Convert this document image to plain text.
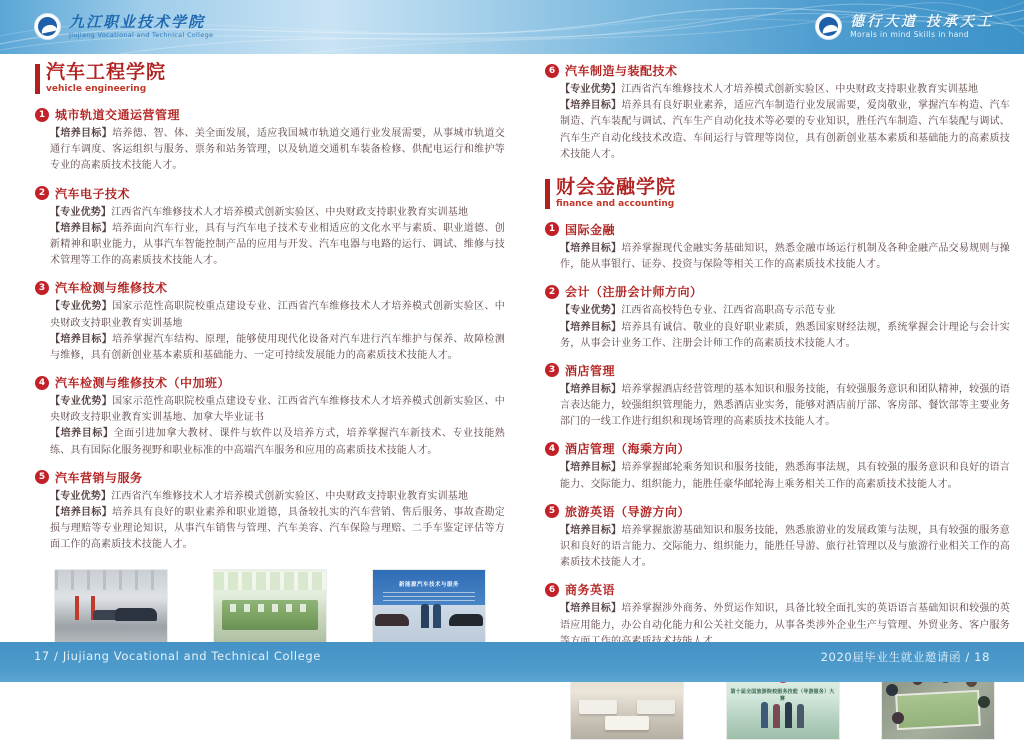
九江职业技术学院
Jiujiang Vocational and Technical College
德行大道 技承天工
Morals in mind Skills in hand
汽车工程学院
vehicle engineering
1 城市轨道交通运营管理

【培养目标】培养德、智、体、美全面发展，适应我国城市轨道交通行业发展需要，从事城市轨道交通行车调度、客运组织与服务、票务和站务管理，以及轨道交通机车装备检修、供配电运行和维护等专业的高素质技术技能人才。

2 汽车电子技术

【专业优势】江西省汽车维修技术人才培养模式创新实验区、中央财政支持职业教育实训基地

【培养目标】培养面向汽车行业，具有与汽车电子技术专业相适应的文化水平与素质、职业道德、创新精神和职业能力，从事汽车智能控制产品的应用与开发、汽车电器与电路的运行、调试、维修与技术管理等工作的高素质技术技能人才。

3 汽车检测与维修技术

【专业优势】国家示范性高职院校重点建设专业、江西省汽车维修技术人才培养模式创新实验区、中央财政支持职业教育实训基地

【培养目标】培养掌握汽车结构、原理，能够使用现代化设备对汽车进行汽车维护与保养、故障检测与维修，具有创新创业基本素质和基础能力、一定可持续发展能力的高素质技术技能人才。

4 汽车检测与维修技术（中加班）

【专业优势】国家示范性高职院校重点建设专业、江西省汽车维修技术人才培养模式创新实验区、中央财政支持职业教育实训基地、加拿大毕业证书

【培养目标】全面引进加拿大教材、课件与软件以及培养方式，培养掌握汽车新技术、专业技能熟练、具有国际化服务视野和职业标准的中高端汽车服务和应用的高素质技术技能人才。

5 汽车营销与服务

【专业优势】江西省汽车维修技术人才培养模式创新实验区、中央财政支持职业教育实训基地

【培养目标】培养具有良好的职业素养和职业道德，具备较扎实的汽车营销、售后服务、事故查勘定损与理赔等专业理论知识，从事汽车销售与管理、汽车美容、汽车保险与理赔、二手车鉴定评估等方面工作的高素质技术技能人才。

新能源汽车技术与服务
6 汽车制造与装配技术

【专业优势】江西省汽车维修技术人才培养模式创新实验区、中央财政支持职业教育实训基地

【培养目标】培养具有良好职业素养，适应汽车制造行业发展需要，爱岗敬业，掌握汽车构造、汽车制造、汽车装配与调试、汽车生产自动化技术等必要的专业知识，胜任汽车制造、汽车装配与调试、汽车生产自动化线技术改造、车间运行与管理等岗位，具有创新创业基本素质和基础能力的高素质技术技能人才。

财会金融学院
finance and accounting
1 国际金融

【培养目标】培养掌握现代金融实务基础知识，熟悉金融市场运行机制及各种金融产品交易规则与操作，能从事银行、证券、投资与保险等相关工作的高素质技术技能人才。

2 会计（注册会计师方向）

【专业优势】江西省高校特色专业、江西省高职高专示范专业

【培养目标】培养具有诚信、敬业的良好职业素质，熟悉国家财经法规，系统掌握会计理论与会计实务，从事会计业务工作、注册会计师工作的高素质技术技能人才。

3 酒店管理

【培养目标】培养掌握酒店经营管理的基本知识和服务技能，有较强服务意识和团队精神，较强的语言表达能力，较强组织管理能力，熟悉酒店业实务，能够对酒店前厅部、客房部、餐饮部等主要业务部门的一线工作进行组织和现场管理的高素质技术技能人才。

4 酒店管理（海乘方向）

【培养目标】培养掌握邮轮乘务知识和服务技能，熟悉海事法规，具有较强的服务意识和良好的语言能力、交际能力、组织能力，能胜任豪华邮轮海上乘务相关工作的高素质技术技能人才。

5 旅游英语（导游方向）

【培养目标】培养掌握旅游基础知识和服务技能，熟悉旅游业的发展政策与法规，具有较强的服务意识和良好的语言能力、交际能力、组织能力，能胜任导游、旅行社管理以及与旅游行业相关工作的高素质技术技能人才。

6 商务英语

【培养目标】培养掌握涉外商务、外贸运作知识，具备比较全面扎实的英语语言基础知识和较强的英语应用能力，办公自动化能力和公关社交能力，从事各类涉外企业生产与管理、外贸业务、客户服务

第十届全国旅游院校服务技能（导游服务）大赛
17 / Jiujiang Vocational and Technical College	2020届毕业生就业邀请函 / 18
